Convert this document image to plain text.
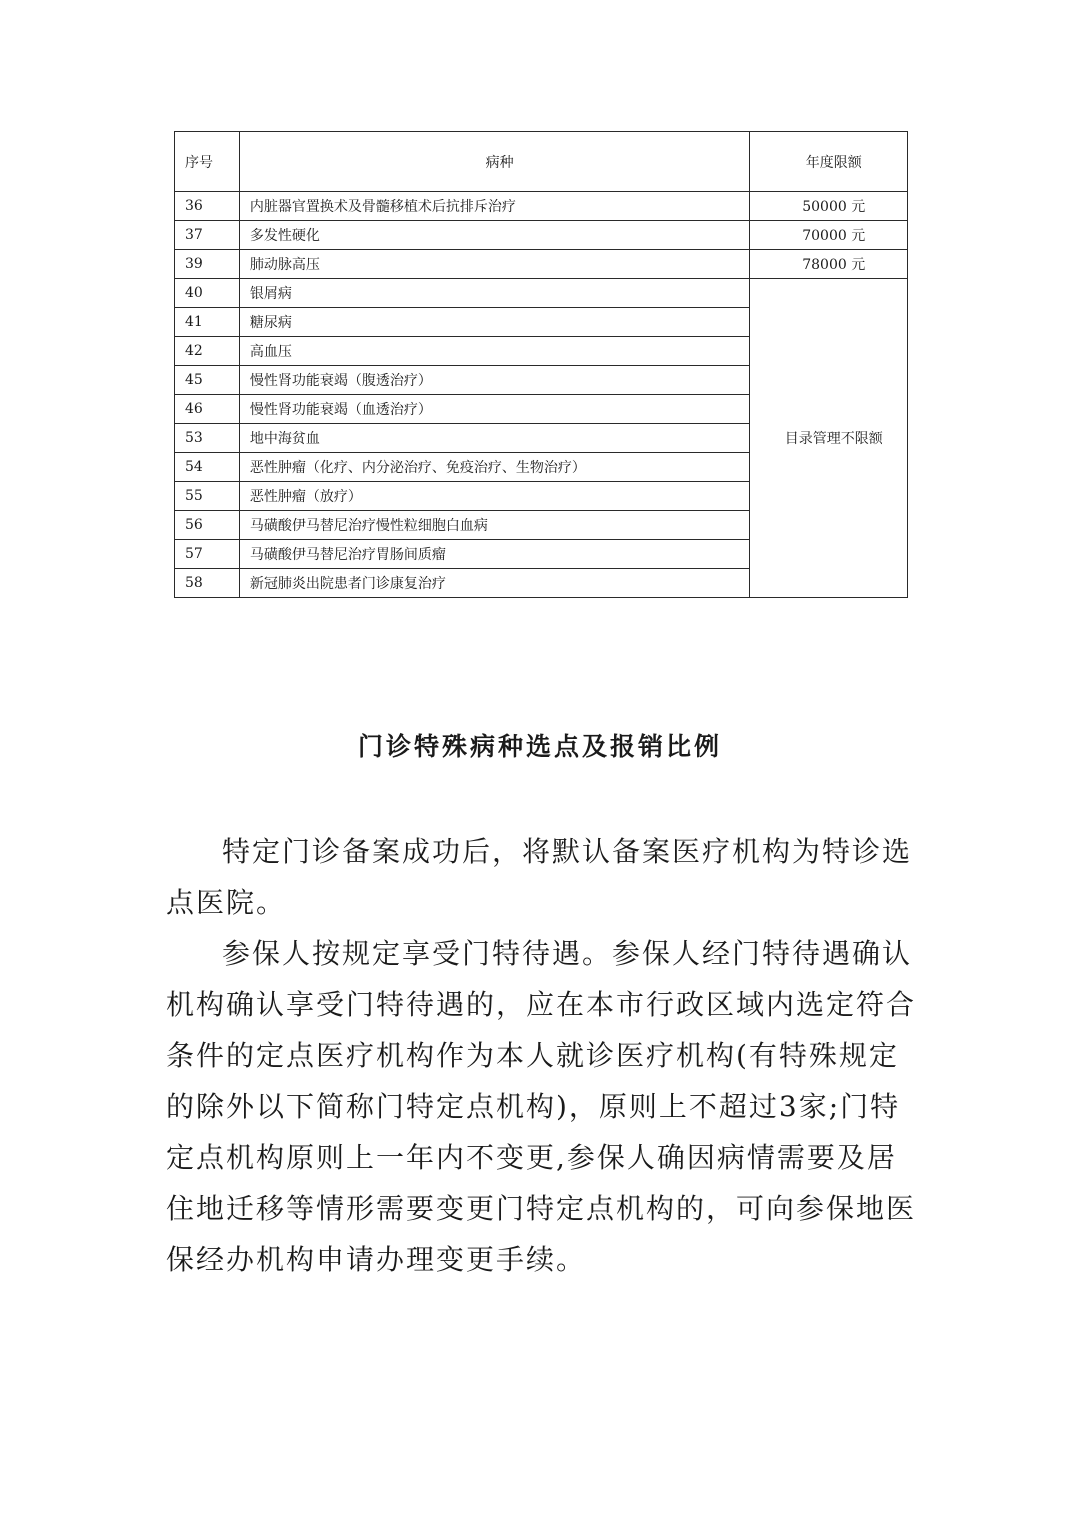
序号	病种	年度限额
36	内脏器官置换术及骨髓移植术后抗排斥治疗	50000 元
37	多发性硬化	70000 元
39	肺动脉高压	78000 元
40	银屑病	目录管理不限额
41	糖尿病	
42	高血压	
45	慢性肾功能衰竭（腹透治疗）	
46	慢性肾功能衰竭（血透治疗）	
53	地中海贫血	
54	恶性肿瘤（化疗、内分泌治疗、免疫治疗、生物治疗）	
55	恶性肿瘤（放疗）	
56	马磺酸伊马替尼治疗慢性粒细胞白血病	
57	马磺酸伊马替尼治疗胃肠间质瘤	
58	新冠肺炎出院患者门诊康复治疗	
门诊特殊病种选点及报销比例

特定门诊备案成功后，将默认备案医疗机构为特诊选点医院。

参保人按规定享受门特待遇。参保人经门特待遇确认机构确认享受门特待遇的，应在本市行政区域内选定符合条件的定点医疗机构作为本人就诊医疗机构(有特殊规定的除外以下简称门特定点机构)，原则上不超过3家;门特定点机构原则上一年内不变更,参保人确因病情需要及居住地迁移等情形需要变更门特定点机构的，可向参保地医保经办机构申请办理变更手续。
